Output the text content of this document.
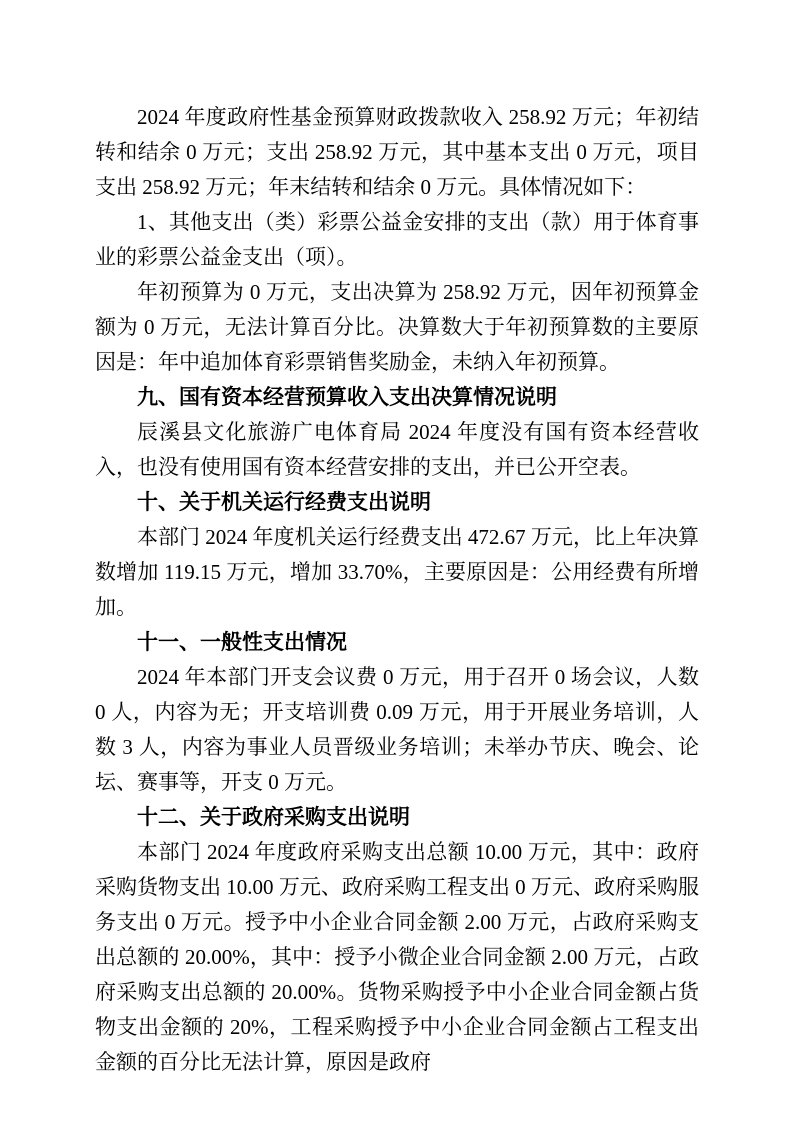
2024 年度政府性基金预算财政拨款收入 258.92 万元；年初结转和结余 0 万元；支出 258.92 万元，其中基本支出 0 万元，项目支出 258.92 万元；年末结转和结余 0 万元。具体情况如下：

1、其他支出（类）彩票公益金安排的支出（款）用于体育事业的彩票公益金支出（项）。

年初预算为 0 万元，支出决算为 258.92 万元，因年初预算金额为 0 万元，无法计算百分比。决算数大于年初预算数的主要原因是：年中追加体育彩票销售奖励金，未纳入年初预算。

九、国有资本经营预算收入支出决算情况说明

辰溪县文化旅游广电体育局 2024 年度没有国有资本经营收入，也没有使用国有资本经营安排的支出，并已公开空表。

十、关于机关运行经费支出说明

本部门 2024 年度机关运行经费支出 472.67 万元，比上年决算数增加 119.15 万元，增加 33.70%，主要原因是：公用经费有所增加。

十一、一般性支出情况

2024 年本部门开支会议费 0 万元，用于召开 0 场会议，人数 0 人，内容为无；开支培训费 0.09 万元，用于开展业务培训，人数 3 人，内容为事业人员晋级业务培训；未举办节庆、晚会、论坛、赛事等，开支 0 万元。

十二、关于政府采购支出说明

本部门 2024 年度政府采购支出总额 10.00 万元，其中：政府采购货物支出 10.00 万元、政府采购工程支出 0 万元、政府采购服务支出 0 万元。授予中小企业合同金额 2.00 万元，占政府采购支出总额的 20.00%，其中：授予小微企业合同金额 2.00 万元，占政府采购支出总额的 20.00%。货物采购授予中小企业合同金额占货物支出金额的 20%，工程采购授予中小企业合同金额占工程支出金额的百分比无法计算，原因是政府
